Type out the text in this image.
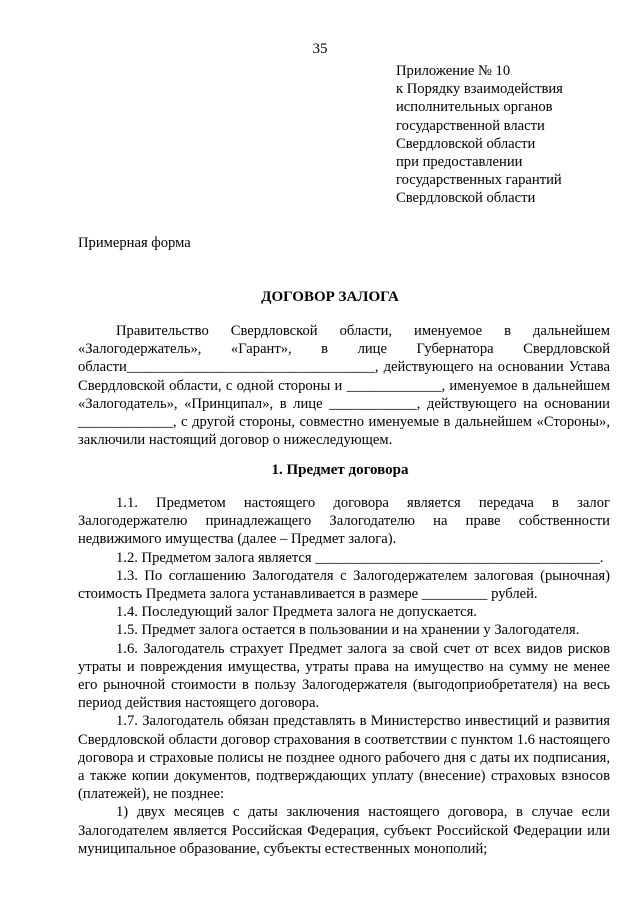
35
Приложение № 10
к Порядку взаимодействия
исполнительных органов
государственной власти
Свердловской области
при предоставлении
государственных гарантий
Свердловской области
Примерная форма
ДОГОВОР ЗАЛОГА

Правительство Свердловской области, именуемое в дальнейшем «Залогодержатель», «Гарант», в лице Губернатора Свердловской области__________________________________, действующего на основании Устава Свердловской области, с одной стороны и _____________, именуемое в дальнейшем «Залогодатель», «Принципал», в лице ____________, действующего на основании _____________, с другой стороны, совместно именуемые в дальнейшем «Стороны», заключили настоящий договор о нижеследующем.

1. Предмет договора

1.1. Предметом настоящего договора является передача в залог Залогодержателю принадлежащего Залогодателю на праве собственности недвижимого имущества (далее – Предмет залога).

1.2. Предметом залога является _______________________________________.

1.3. По соглашению Залогодателя с Залогодержателем залоговая (рыночная) стоимость Предмета залога устанавливается в размере _________ рублей.

1.4. Последующий залог Предмета залога не допускается.

1.5. Предмет залога остается в пользовании и на хранении у Залогодателя.

1.6. Залогодатель страхует Предмет залога за свой счет от всех видов рисков утраты и повреждения имущества, утраты права на имущество на сумму не менее его рыночной стоимости в пользу Залогодержателя (выгодоприобретателя) на весь период действия настоящего договора.

1.7. Залогодатель обязан представлять в Министерство инвестиций и развития Свердловской области договор страхования в соответствии с пунктом 1.6 настоящего договора и страховые полисы не позднее одного рабочего дня с даты их подписания, а также копии документов, подтверждающих уплату (внесение) страховых взносов (платежей), не позднее:

1) двух месяцев с даты заключения настоящего договора, в случае если Залогодателем является Российская Федерация, субъект Российской Федерации или муниципальное образование, субъекты естественных монополий;
